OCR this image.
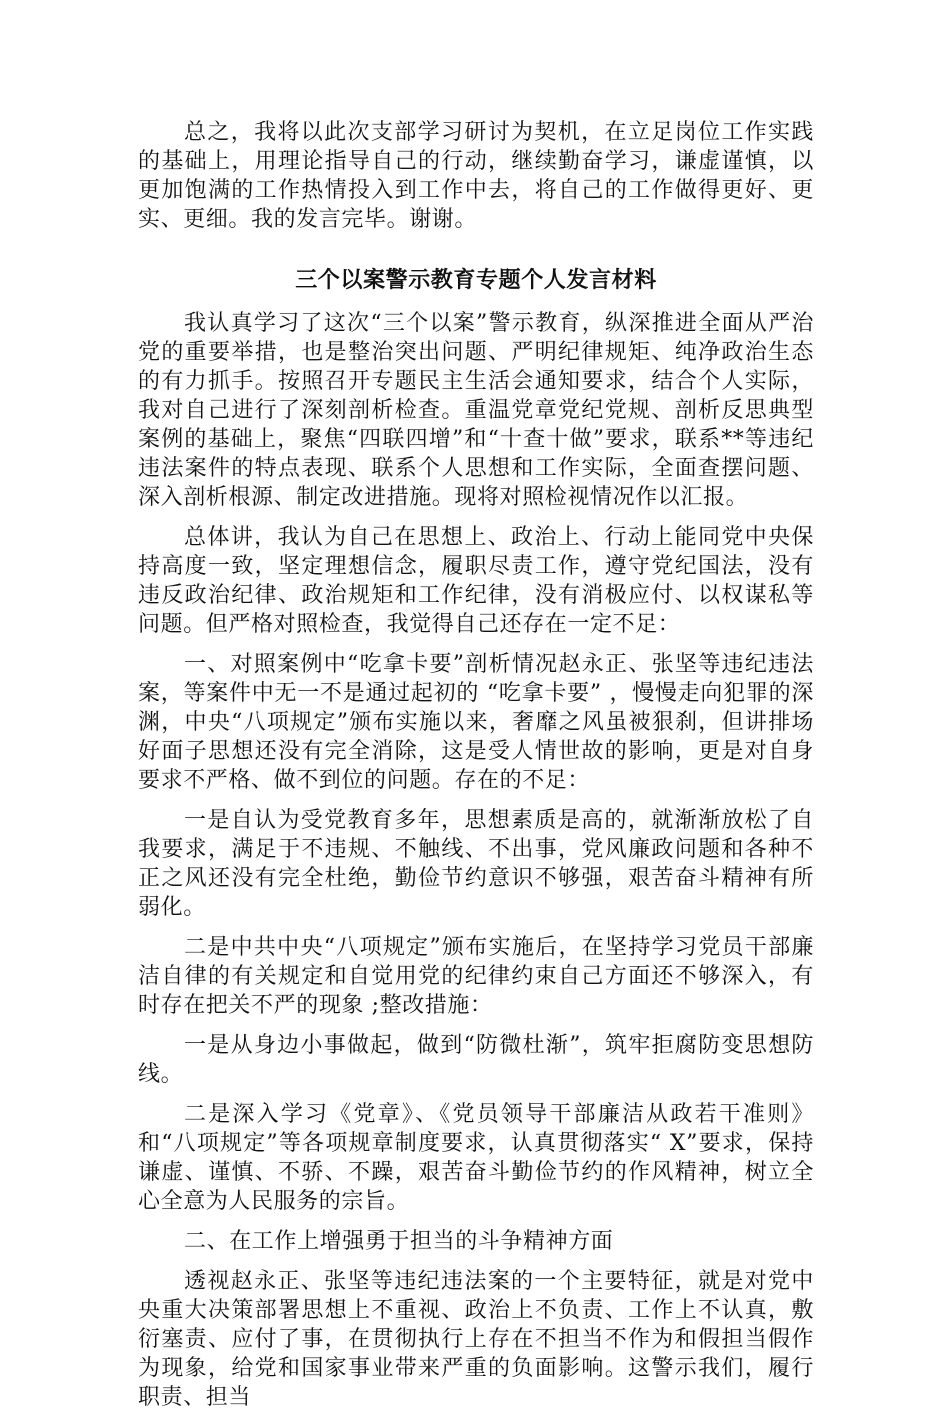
总之，我将以此次支部学习研讨为契机，在立足岗位工作实践的基础上，用理论指导自己的行动，继续勤奋学习，谦虚谨慎，以更加饱满的工作热情投入到工作中去，将自己的工作做得更好、更实、更细。我的发言完毕。谢谢。

三个以案警示教育专题个人发言材料

我认真学习了这次“三个以案”警示教育，纵深推进全面从严治党的重要举措，也是整治突出问题、严明纪律规矩、纯净政治生态的有力抓手。按照召开专题民主生活会通知要求，结合个人实际，我对自己进行了深刻剖析检查。重温党章党纪党规、剖析反思典型案例的基础上，聚焦“四联四增”和“十查十做”要求，联系**等违纪违法案件的特点表现、联系个人思想和工作实际，全面查摆问题、深入剖析根源、制定改进措施。现将对照检视情况作以汇报。

总体讲，我认为自己在思想上、政治上、行动上能同党中央保持高度一致，坚定理想信念，履职尽责工作，遵守党纪国法，没有违反政治纪律、政治规矩和工作纪律，没有消极应付、以权谋私等问题。但严格对照检查，我觉得自己还存在一定不足：

一、对照案例中“吃拿卡要”剖析情况赵永正、张坚等违纪违法案，等案件中无一不是通过起初的 “吃拿卡要” ，慢慢走向犯罪的深渊，中央“八项规定”颁布实施以来，奢靡之风虽被狠刹，但讲排场好面子思想还没有完全消除，这是受人情世故的影响，更是对自身要求不严格、做不到位的问题。存在的不足：

一是自认为受党教育多年，思想素质是高的，就渐渐放松了自我要求，满足于不违规、不触线、不出事，党风廉政问题和各种不正之风还没有完全杜绝，勤俭节约意识不够强，艰苦奋斗精神有所弱化。

二是中共中央“八项规定”颁布实施后，在坚持学习党员干部廉洁自律的有关规定和自觉用党的纪律约束自己方面还不够深入，有时存在把关不严的现象 ;整改措施：

一是从身边小事做起，做到“防微杜渐”，筑牢拒腐防变思想防线。

二是深入学习《党章》、《党员领导干部廉洁从政若干准则》和“八项规定”等各项规章制度要求，认真贯彻落实“ X”要求，保持谦虚、谨慎、不骄、不躁，艰苦奋斗勤俭节约的作风精神，树立全心全意为人民服务的宗旨。

二、在工作上增强勇于担当的斗争精神方面

透视赵永正、张坚等违纪违法案的一个主要特征，就是对党中央重大决策部署思想上不重视、政治上不负责、工作上不认真，敷衍塞责、应付了事，在贯彻执行上存在不担当不作为和假担当假作为现象，给党和国家事业带来严重的负面影响。这警示我们，履行职责、担当
